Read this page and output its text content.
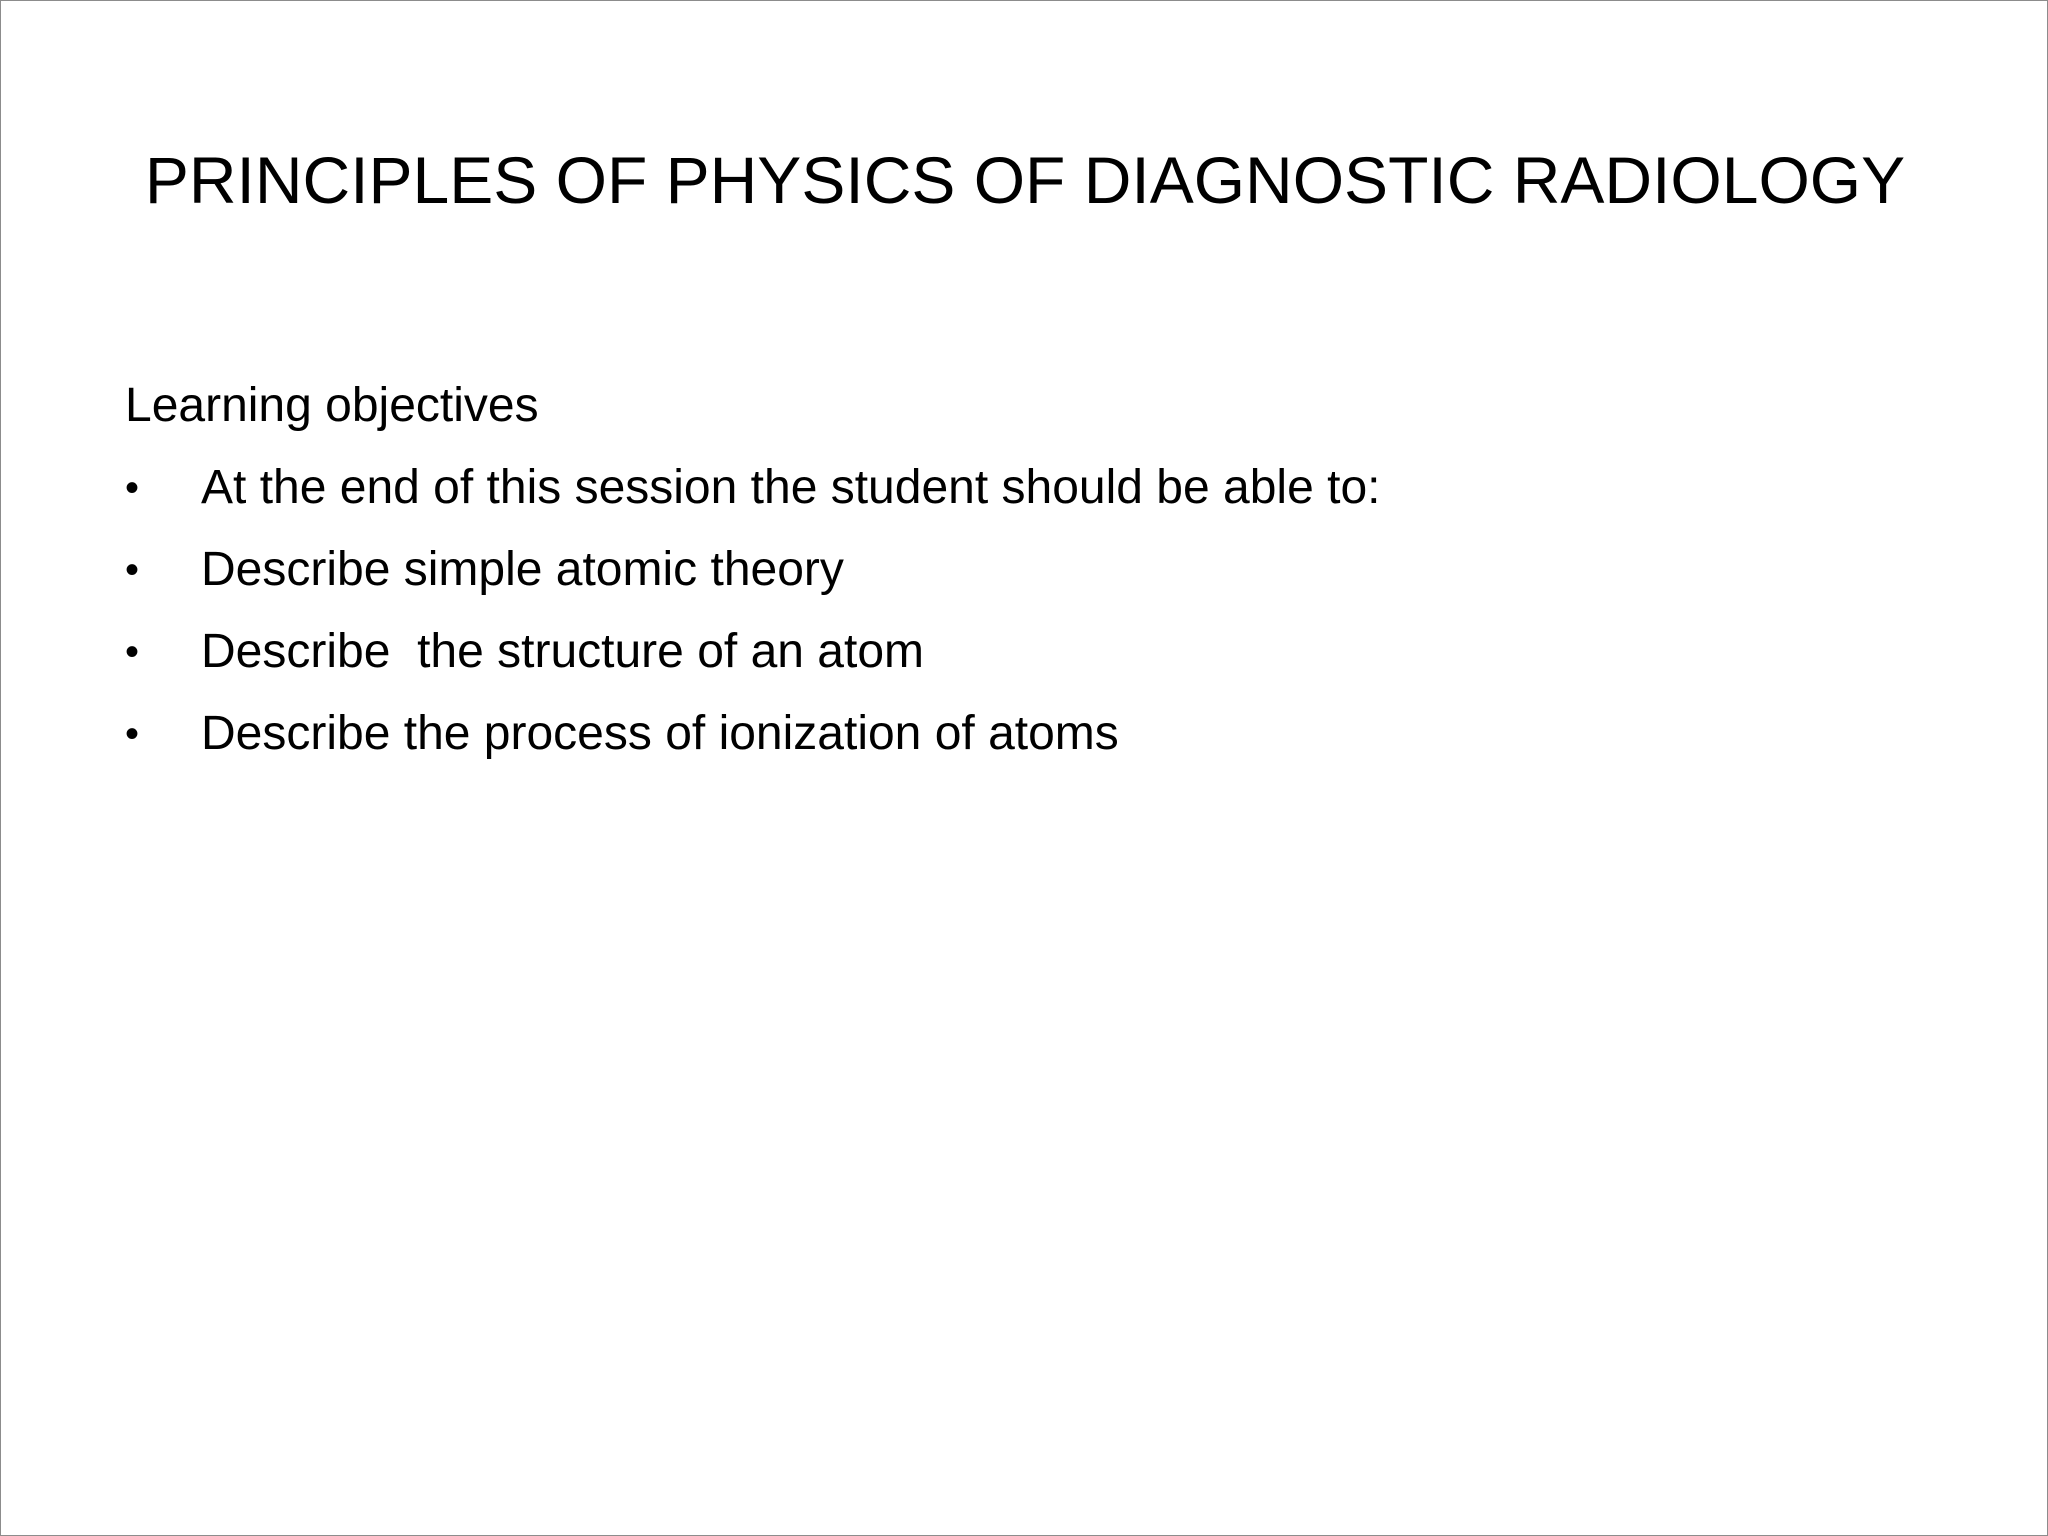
PRINCIPLES OF PHYSICS OF DIAGNOSTIC RADIOLOGY
Learning objectives

•

	At the end of this session the student should be able to:

•

	Describe simple atomic theory

•

	Describe  the structure of an atom

•

	Describe the process of ionization of atoms
